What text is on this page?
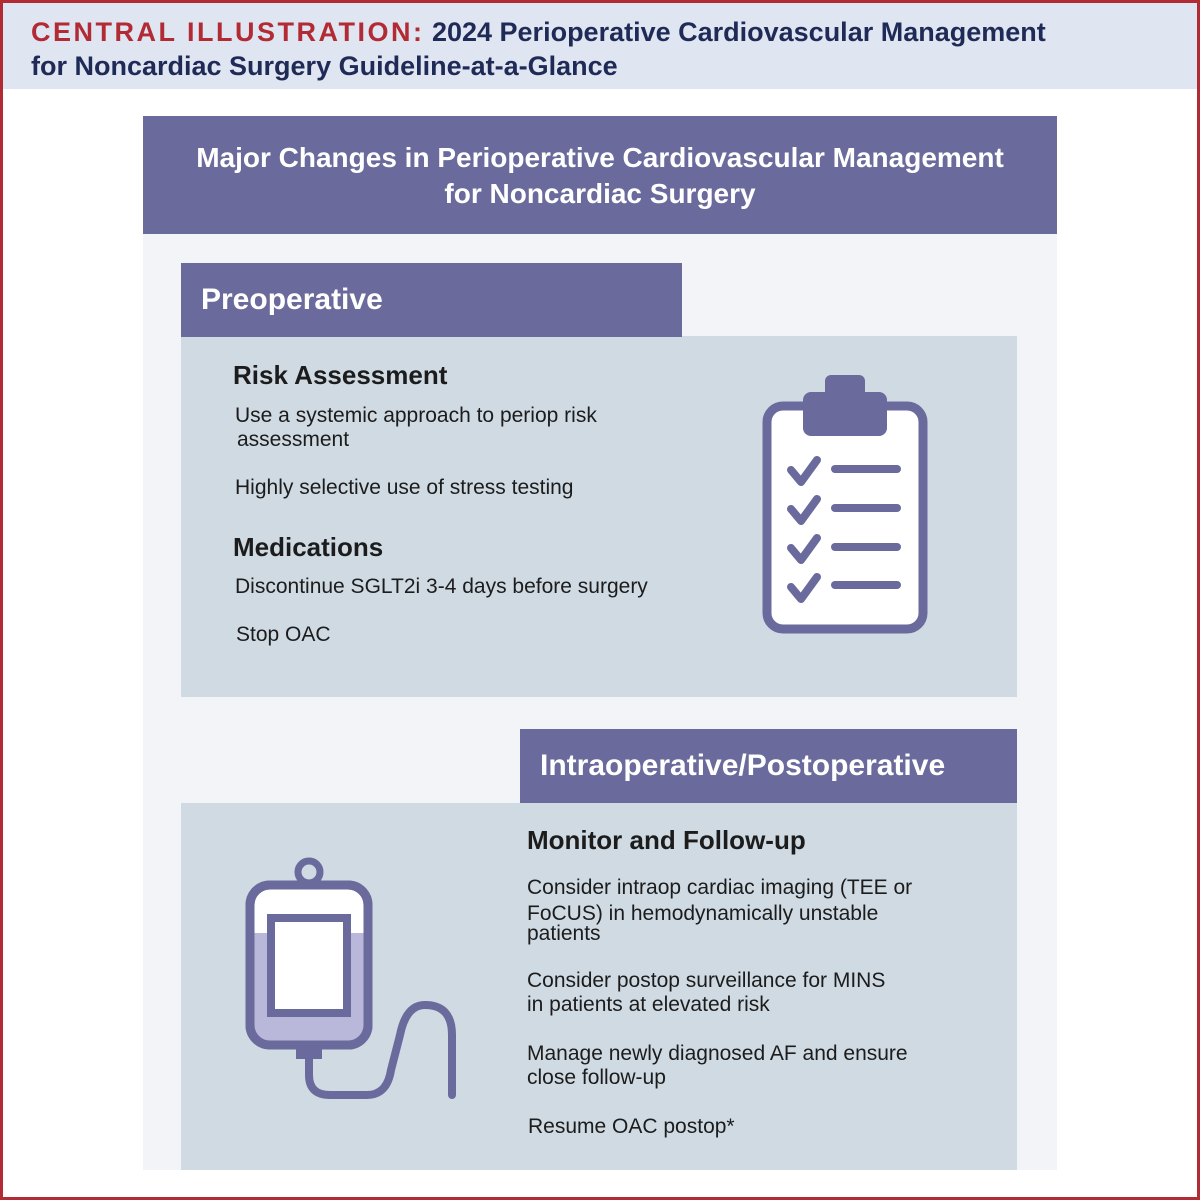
CENTRAL ILLUSTRATION: 2024 Perioperative Cardiovascular Management
for Noncardiac Surgery Guideline-at-a-Glance
Major Changes in Perioperative Cardiovascular Management
for Noncardiac Surgery
Preoperative
Risk Assessment
Use a systemic approach to periop risk
assessment
Highly selective use of stress testing
Medications
Discontinue SGLT2i 3-4 days before surgery
Stop OAC
Intraoperative/Postoperative
Monitor and Follow-up
Consider intraop cardiac imaging (TEE or
FoCUS) in hemodynamically unstable
patients
Consider postop surveillance for MINS
in patients at elevated risk
Manage newly diagnosed AF and ensure
close follow-up
Resume OAC postop*
